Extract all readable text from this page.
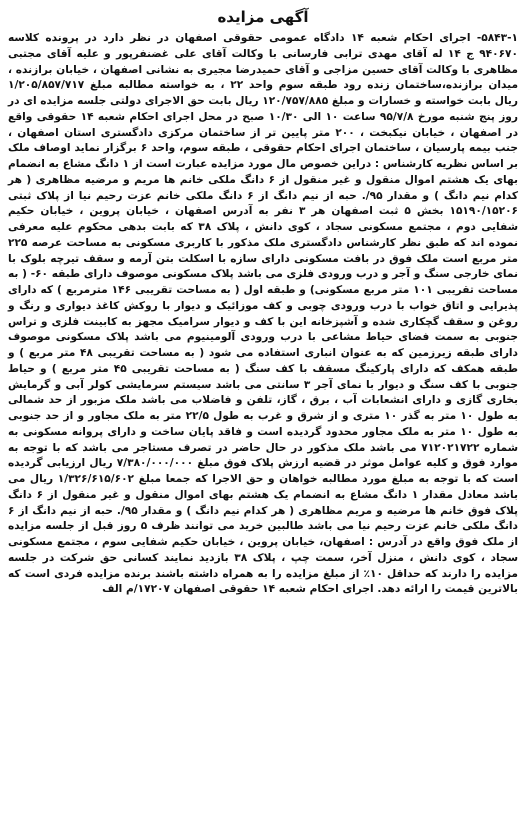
آگهی مزایده

۵۸۴۳-۱- اجرای احکام شعبه ۱۴ دادگاه عمومی حقوقی اصفهان در نظر دارد در پرونده کلاسه ۹۴۰۶۷۰ ج ۱۴ له آقای مهدی ترابی فارسانی با وکالت آقای علی غضنفرپور و علیه آقای مجتبی مظاهری با وکالت آقای حسین مزاجی و آقای حمیدرضا مجیری به نشانی اصفهان ، خیابان برازنده ، میدان برازنده،ساختمان زنده رود طبقه سوم واحد ۲۲ ، به خواسته مطالبه مبلغ ۱/۲۰۵/۸۵۷/۷۱۷ ریال بابت خواسته و خسارات و مبلغ ۱۲۰/۷۵۷/۸۸۵ ریال بابت حق الاجرای دولتی جلسه مزایده ای در روز پنج شنبه مورخ ۹۵/۷/۸ ساعت ۱۰ الی ۱۰/۳۰ صبح در محل اجرای احکام شعبه ۱۴ حقوقی واقع در اصفهان ، خیابان نیکبخت ، ۲۰۰ متر پایین تر از ساختمان مرکزی دادگستری استان اصفهان ، جنب بیمه پارسیان ، ساختمان اجرای احکام حقوقی ، طبقه سوم، واحد ۶ برگزار نماید اوصاف ملک بر اساس نظریه کارشناس : دراین خصوص مال مورد مزایده عبارت است از ۱ دانگ مشاع به انضمام بهای یک هشتم اموال منقول و غیر منقول از ۶ دانگ ملکی خانم ها مریم و مرضیه مظاهری ( هر کدام نیم دانگ ) و مقدار ۹۵/. حبه از نیم دانگ از ۶ دانگ ملکی خانم عزت رحیم نیا از پلاک ثبتی ۱۵۱۹۰/۱۵۲۰۶ بخش ۵ ثبت اصفهان هر ۳ نفر به آدرس اصفهان ، خیابان پروین ، خیابان حکیم شفایی دوم ، مجتمع مسکونی سجاد ، کوی دانش ، پلاک ۳۸ که بابت بدهی محکوم علیه معرفی نموده اند که طبق نظر کارشناس دادگستری ملک مذکور با کاربری مسکونی به مساحت عرصه ۲۲۵ متر مربع است ملک فوق در بافت مسکونی دارای سازه با اسکلت بتن آرمه و سقف تیرچه بلوک با نمای خارجی سنگ و آجر و درب ورودی فلزی می باشد پلاک مسکونی موصوف دارای طبقه ۶۰- ( به مساحت تقریبی ۱۰۱ متر مربع مسکونی) و طبقه اول ( به مساحت تقریبی ۱۴۶ مترمربع ) که دارای پذیرایی و اتاق خواب با درب ورودی چوبی و کف موزائیک و دیوار با روکش کاغذ دیواری و رنگ و روغن و سقف گچکاری شده و آشپزخانه این با کف و دیوار سرامیک مجهز به کابینت فلزی و تراس جنوبی به سمت فضای حیاط مشاعی با درب ورودی آلومینیوم می باشد پلاک مسکونی موصوف دارای طبقه زیرزمین که به عنوان انباری استفاده می شود ( به مساحت تقریبی ۴۸ متر مربع ) و طبقه همکف که دارای پارکینگ مسقف با کف سنگ ( به مساحت تقریبی ۴۵ متر مربع ) و حیاط جنوبی با کف سنگ و دیوار با نمای آجر ۳ سانتی می باشد سیستم سرمایشی کولر آبی و گرمایش بخاری گازی و دارای انشعابات آب ، برق ، گاز، تلفن و فاضلاب می باشد ملک مزبور از حد شمالی به طول ۱۰ متر به گذر ۱۰ متری و از شرق و غرب به طول ۲۲/۵ متر به ملک مجاور و از حد جنوبی به طول ۱۰ متر به ملک مجاور محدود گردیده است و فاقد پایان ساخت و دارای پروانه مسکونی به شماره ۷۱۲۰۲۱۷۲۲ می باشد ملک مذکور در حال حاضر در تصرف مستاجر می باشد که با توجه به موارد فوق و کلیه عوامل موثر در قضیه ارزش پلاک فوق مبلغ ۷/۳۸۰/۰۰۰/۰۰۰ ریال ارزیابی گردیده است که با توجه به مبلغ مورد مطالبه خواهان و حق الاجرا که جمعا مبلغ ۱/۳۲۶/۶۱۵/۶۰۲ ریال می باشد معادل مقدار ۱ دانگ مشاع به انضمام یک هشتم بهای اموال منقول و غیر منقول از ۶ دانگ پلاک فوق خانم ها مرضیه و مریم مظاهری ( هر کدام نیم دانگ ) و مقدار ۹۵/. حبه از نیم دانگ از ۶ دانگ ملکی خانم عزت رحیم نیا می باشد طالبین خرید می توانند ظرف ۵ روز قبل از جلسه مزایده از ملک فوق واقع در آدرس : اصفهان، خیابان پروین ، خیابان حکیم شفایی سوم ، مجتمع مسکونی سجاد ، کوی دانش ، منزل آخر، سمت چپ ، پلاک ۳۸ بازدید نمایند کسانی حق شرکت در جلسه مزایده را دارند که حداقل ۱۰٪ از مبلغ مزایده را به همراه داشته باشند برنده مزایده فردی است که بالاترین قیمت را ارائه دهد. اجرای احکام شعبه ۱۴ حقوقی اصفهان ۱۷۲۰۷/م الف
